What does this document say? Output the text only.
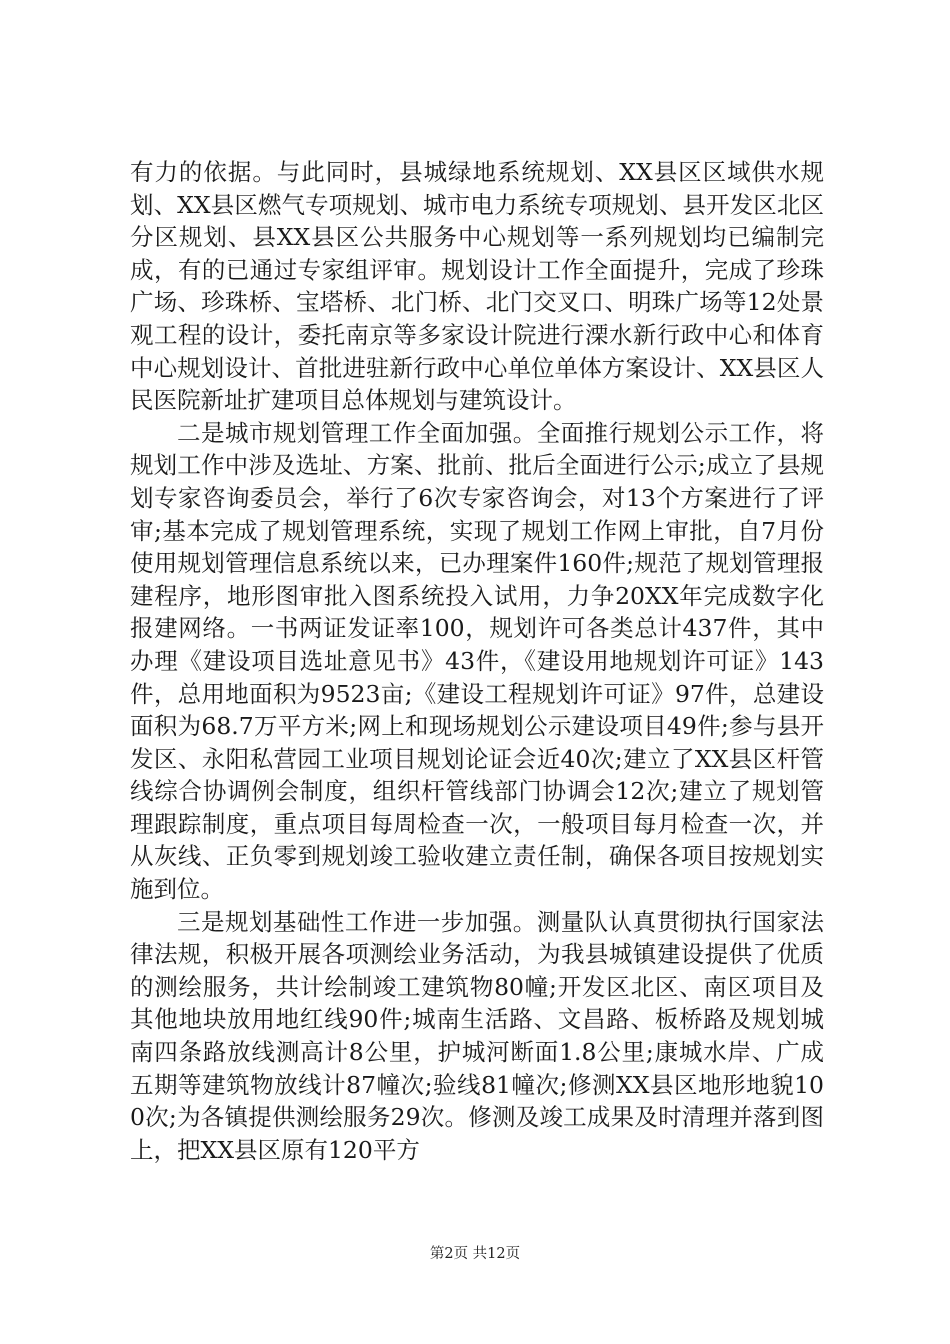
有力的依据。与此同时，县城绿地系统规划、XX县区区域供水规划、XX县区燃气专项规划、城市电力系统专项规划、县开发区北区分区规划、县XX县区公共服务中心规划等一系列规划均已编制完成，有的已通过专家组评审。规划设计工作全面提升，完成了珍珠广场、珍珠桥、宝塔桥、北门桥、北门交叉口、明珠广场等12处景观工程的设计，委托南京等多家设计院进行溧水新行政中心和体育中心规划设计、首批进驻新行政中心单位单体方案设计、XX县区人民医院新址扩建项目总体规划与建筑设计。

二是城市规划管理工作全面加强。全面推行规划公示工作，将规划工作中涉及选址、方案、批前、批后全面进行公示;成立了县规划专家咨询委员会，举行了6次专家咨询会，对13个方案进行了评审;基本完成了规划管理系统，实现了规划工作网上审批，自7月份使用规划管理信息系统以来，已办理案件160件;规范了规划管理报建程序，地形图审批入图系统投入试用，力争20XX年完成数字化报建网络。一书两证发证率100，规划许可各类总计437件，其中办理《建设项目选址意见书》43件，《建设用地规划许可证》143件，总用地面积为9523亩;《建设工程规划许可证》97件，总建设面积为68.7万平方米;网上和现场规划公示建设项目49件;参与县开发区、永阳私营园工业项目规划论证会近40次;建立了XX县区杆管线综合协调例会制度，组织杆管线部门协调会12次;建立了规划管理跟踪制度，重点项目每周检查一次，一般项目每月检查一次，并从灰线、正负零到规划竣工验收建立责任制，确保各项目按规划实施到位。

三是规划基础性工作进一步加强。测量队认真贯彻执行国家法律法规，积极开展各项测绘业务活动，为我县城镇建设提供了优质的测绘服务，共计绘制竣工建筑物80幢;开发区北区、南区项目及其他地块放用地红线90件;城南生活路、文昌路、板桥路及规划城南四条路放线测高计8公里，护城河断面1.8公里;康城水岸、广成五期等建筑物放线计87幢次;验线81幢次;修测XX县区地形地貌100次;为各镇提供测绘服务29次。修测及竣工成果及时清理并落到图上，把XX县区原有120平方

第2页 共12页
